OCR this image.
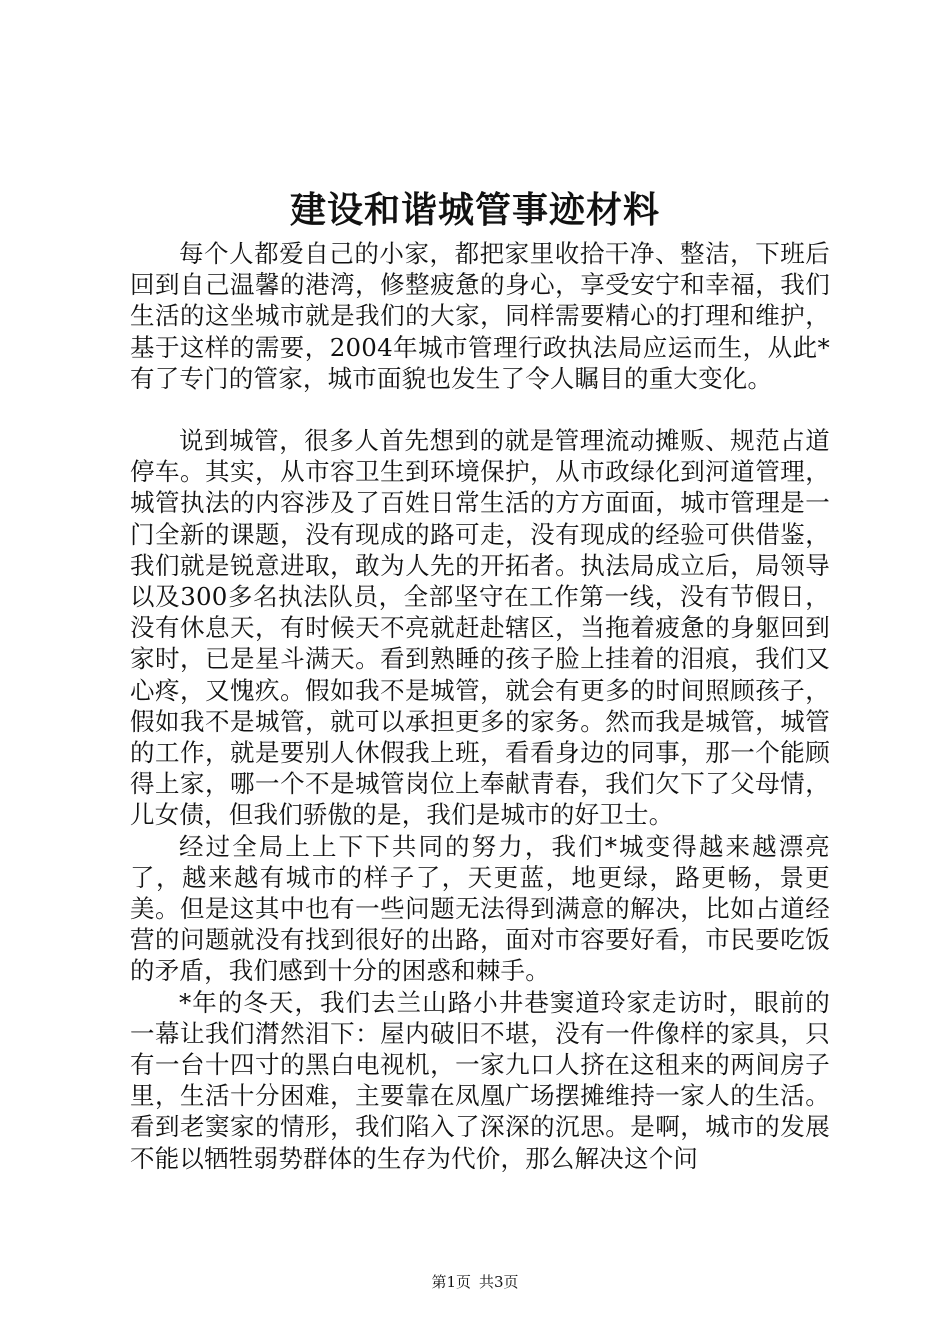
建设和谐城管事迹材料

每个人都爱自己的小家，都把家里收拾干净、整洁，下班后回到自己温馨的港湾，修整疲惫的身心，享受安宁和幸福，我们生活的这坐城市就是我们的大家，同样需要精心的打理和维护，基于这样的需要，2004年城市管理行政执法局应运而生，从此*有了专门的管家，城市面貌也发生了令人瞩目的重大变化。

说到城管，很多人首先想到的就是管理流动摊贩、规范占道停车。其实，从市容卫生到环境保护，从市政绿化到河道管理，城管执法的内容涉及了百姓日常生活的方方面面，城市管理是一门全新的课题，没有现成的路可走，没有现成的经验可供借鉴，我们就是锐意进取，敢为人先的开拓者。执法局成立后，局领导以及300多名执法队员，全部坚守在工作第一线，没有节假日，没有休息天，有时候天不亮就赶赴辖区，当拖着疲惫的身躯回到家时，已是星斗满天。看到熟睡的孩子脸上挂着的泪痕，我们又心疼，又愧疚。假如我不是城管，就会有更多的时间照顾孩子，假如我不是城管，就可以承担更多的家务。然而我是城管，城管的工作，就是要别人休假我上班，看看身边的同事，那一个能顾得上家，哪一个不是城管岗位上奉献青春，我们欠下了父母情，儿女债，但我们骄傲的是，我们是城市的好卫士。

经过全局上上下下共同的努力，我们*城变得越来越漂亮了，越来越有城市的样子了，天更蓝，地更绿，路更畅，景更美。但是这其中也有一些问题无法得到满意的解决，比如占道经营的问题就没有找到很好的出路，面对市容要好看，市民要吃饭的矛盾，我们感到十分的困惑和棘手。

*年的冬天，我们去兰山路小井巷窦道玲家走访时，眼前的一幕让我们潸然泪下：屋内破旧不堪，没有一件像样的家具，只有一台十四寸的黑白电视机，一家九口人挤在这租来的两间房子里，生活十分困难，主要靠在凤凰广场摆摊维持一家人的生活。看到老窦家的情形，我们陷入了深深的沉思。是啊，城市的发展不能以牺牲弱势群体的生存为代价，那么解决这个问

第1页 共3页
